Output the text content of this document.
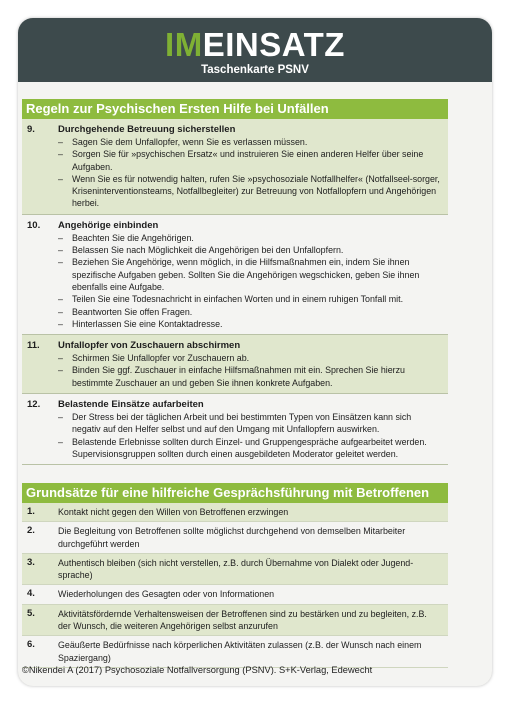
IMEINSATZ
Taschenkarte PSNV
Regeln zur Psychischen Ersten Hilfe bei Unfällen
9.	Durchgehende Betreuung sicherstellen
–	Sagen Sie dem Unfallopfer, wenn Sie es verlassen müssen.
–	Sorgen Sie für »psychischen Ersatz« und instruieren Sie einen anderen Helfer über seine Aufgaben.
–	Wenn Sie es für notwendig halten, rufen Sie »psychosoziale Notfallhelfer« (Notfallseel-sorger, Kriseninterventionsteams, Notfallbegleiter) zur Betreuung von Notfallopfern und Angehörigen herbei.
10.	Angehörige einbinden
–	Beachten Sie die Angehörigen.
–	Belassen Sie nach Möglichkeit die Angehörigen bei den Unfallopfern.
–	Beziehen Sie Angehörige, wenn möglich, in die Hilfsmaßnahmen ein, indem Sie ihnen spezifische Aufgaben geben. Sollten Sie die Angehörigen wegschicken, geben Sie ihnen ebenfalls eine Aufgabe.
–	Teilen Sie eine Todesnachricht in einfachen Worten und in einem ruhigen Tonfall mit.
–	Beantworten Sie offen Fragen.
–	Hinterlassen Sie eine Kontaktadresse.
11.	Unfallopfer von Zuschauern abschirmen
–	Schirmen Sie Unfallopfer vor Zuschauern ab.
–	Binden Sie ggf. Zuschauer in einfache Hilfsmaßnahmen mit ein. Sprechen Sie hierzu bestimmte Zuschauer an und geben Sie ihnen konkrete Aufgaben.
12.	Belastende Einsätze aufarbeiten
–	Der Stress bei der täglichen Arbeit und bei bestimmten Typen von Einsätzen kann sich negativ auf den Helfer selbst und auf den Umgang mit Unfallopfern auswirken.
–	Belastende Erlebnisse sollten durch Einzel- und Gruppengespräche aufgearbeitet werden. Supervisionsgruppen sollten durch einen ausgebildeten Moderator geleitet werden.
Grundsätze für eine hilfreiche Gesprächsführung mit Betroffenen
1.	Kontakt nicht gegen den Willen von Betroffenen erzwingen
2.	Die Begleitung von Betroffenen sollte möglichst durchgehend von demselben Mitarbeiter durchgeführt werden
3.	Authentisch bleiben (sich nicht verstellen, z.B. durch Übernahme von Dialekt oder Jugend-sprache)
4.	Wiederholungen des Gesagten oder von Informationen
5.	Aktivitätsfördernde Verhaltensweisen der Betroffenen sind zu bestärken und zu begleiten, z.B. der Wunsch, die weiteren Angehörigen selbst anzurufen
6.	Geäußerte Bedürfnisse nach körperlichen Aktivitäten zulassen (z.B. der Wunsch nach einem Spaziergang)
©Nikendei A (2017) Psychosoziale Notfallversorgung (PSNV). S+K-Verlag, Edewecht
